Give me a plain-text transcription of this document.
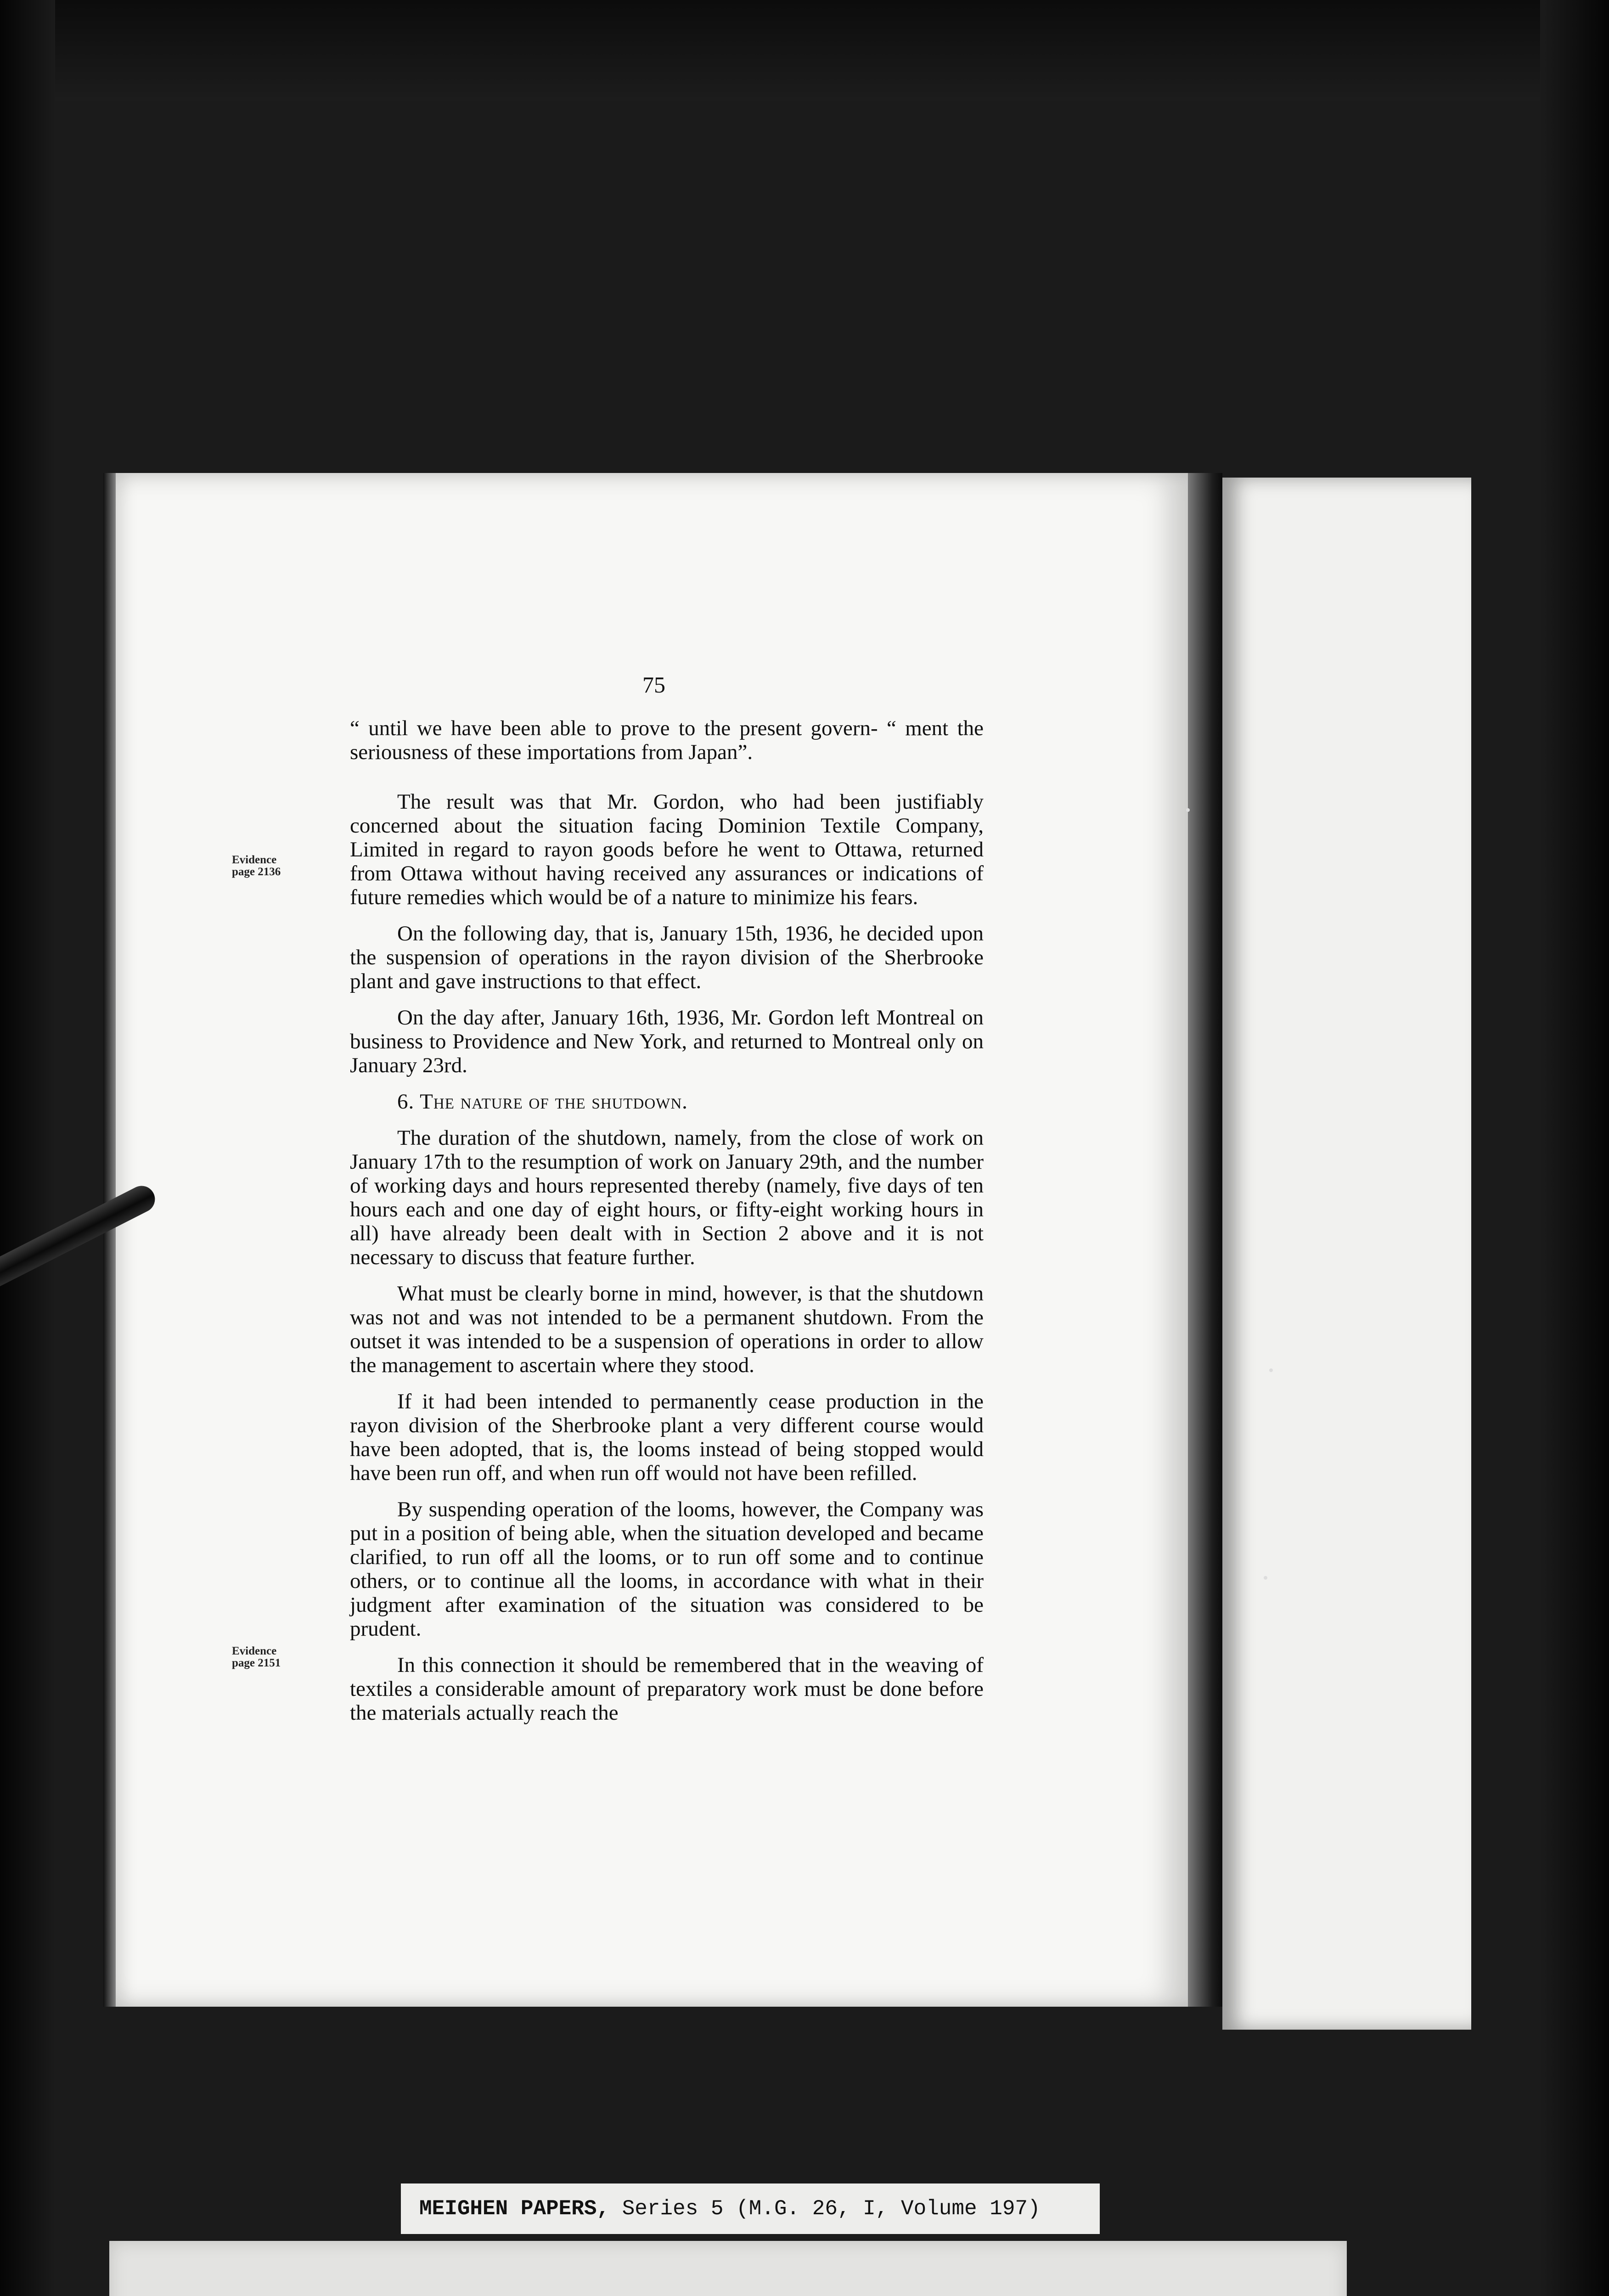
75
Evidence
page 2136
Evidence
page 2151

“ until we have been able to prove to the present govern- “ ment the seriousness of these importations from Japan”.

The result was that Mr. Gordon, who had been justifiably concerned about the situation facing Dominion Textile Company, Limited in regard to rayon goods before he went to Ottawa, returned from Ottawa without having received any assurances or indications of future remedies which would be of a nature to minimize his fears.

On the following day, that is, January 15th, 1936, he decided upon the suspension of operations in the rayon division of the Sherbrooke plant and gave instructions to that effect.

On the day after, January 16th, 1936, Mr. Gordon left Montreal on business to Providence and New York, and returned to Montreal only on January 23rd.

6. The nature of the shutdown.

The duration of the shutdown, namely, from the close of work on January 17th to the resumption of work on January 29th, and the number of working days and hours represented thereby (namely, five days of ten hours each and one day of eight hours, or fifty-eight working hours in all) have already been dealt with in Section 2 above and it is not necessary to discuss that feature further.

What must be clearly borne in mind, however, is that the shutdown was not and was not intended to be a permanent shutdown. From the outset it was intended to be a suspension of operations in order to allow the management to ascertain where they stood.

If it had been intended to permanently cease production in the rayon division of the Sherbrooke plant a very different course would have been adopted, that is, the looms instead of being stopped would have been run off, and when run off would not have been refilled.

By suspending operation of the looms, however, the Company was put in a position of being able, when the situation developed and became clarified, to run off all the looms, or to run off some and to continue others, or to continue all the looms, in accordance with what in their judgment after examination of the situation was considered to be prudent.

In this connection it should be remembered that in the weaving of textiles a considerable amount of preparatory work must be done before the materials actually reach the

MEIGHEN PAPERS, Series 5 (M.G. 26, I, Volume 197)
